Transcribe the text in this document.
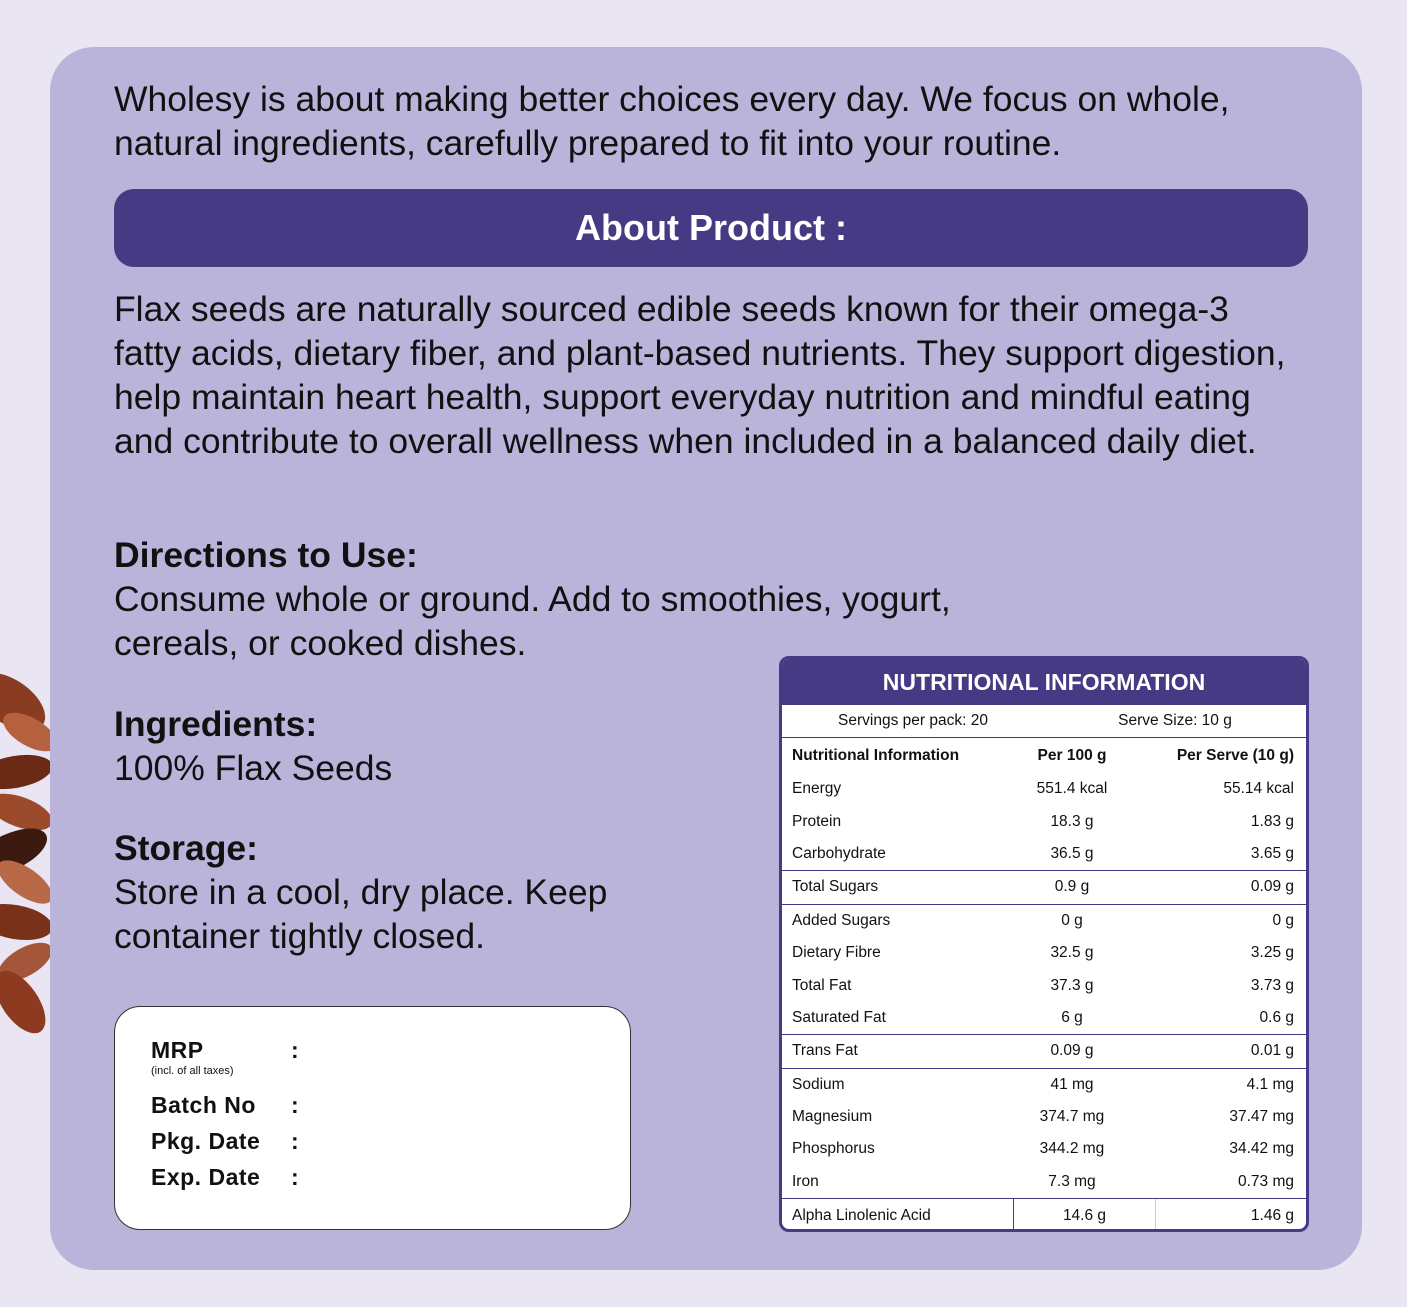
Wholesy is about making better choices every day. We focus on whole, natural ingredients, carefully prepared to fit into your routine.

About Product :

Flax seeds are naturally sourced edible seeds known for their omega-3 fatty acids, dietary fiber, and plant-based nutrients. They support digestion, help maintain heart health, support everyday nutrition and mindful eating and contribute to overall wellness when included in a balanced daily diet.

Directions to Use:

Consume whole or ground. Add to smoothies, yogurt, cereals, or cooked dishes.

Ingredients:

100% Flax Seeds

Storage:

Store in a cool, dry place. Keep container tightly closed.

MRP	:
(incl. of all taxes)
Batch No :
Pkg. Date :
Exp. Date :
NUTRITIONAL INFORMATION
Servings per pack: 20	Serve Size: 10 g
Nutritional Information	Per 100 g	Per Serve (10 g)
Energy	551.4 kcal	55.14 kcal
Protein	18.3 g	1.83 g
Carbohydrate	36.5 g	3.65 g
Total Sugars	0.9 g	0.09 g
Added Sugars	0 g	0 g
Dietary Fibre	32.5 g	3.25 g
Total Fat	37.3 g	3.73 g
Saturated Fat	6 g	0.6 g
Trans Fat	0.09 g	0.01 g
Sodium	41 mg	4.1 mg
Magnesium	374.7 mg	37.47 mg
Phosphorus	344.2 mg	34.42 mg
Iron	7.3 mg	0.73 mg
Alpha Linolenic Acid	14.6 g	1.46 g
